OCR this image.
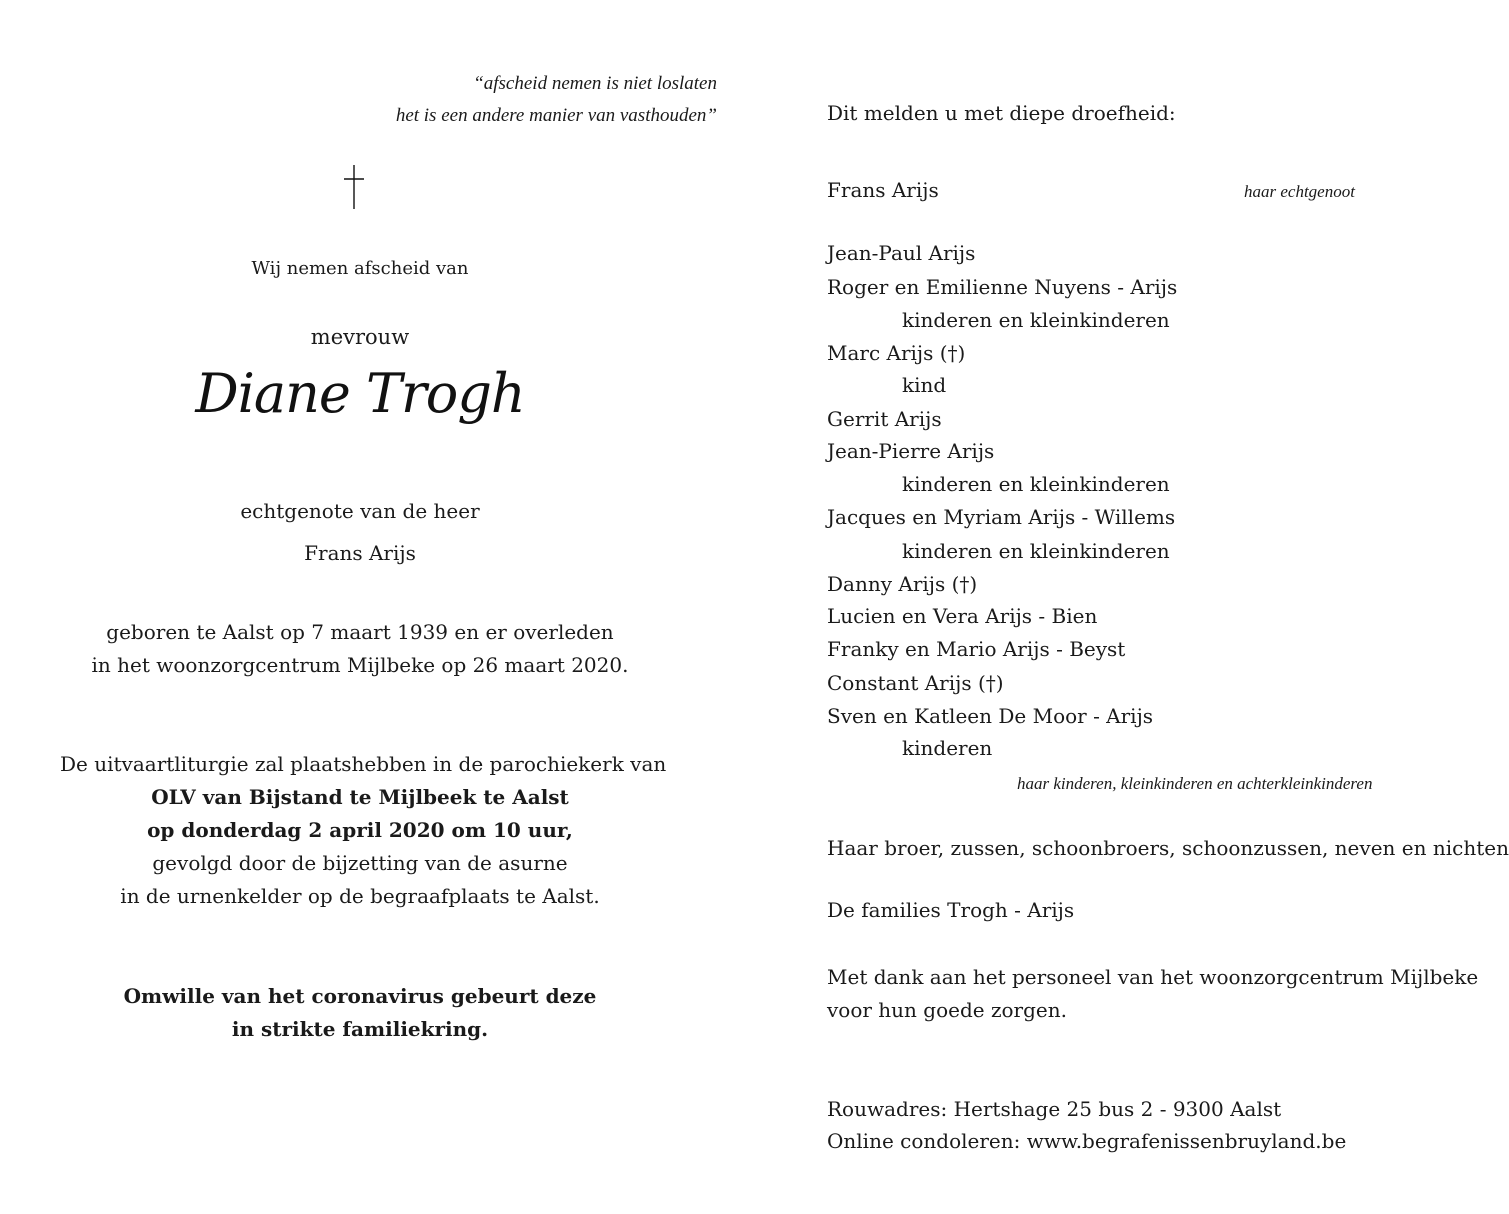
“afscheid nemen is niet loslaten
het is een andere manier van vasthouden”
Wij nemen afscheid van
mevrouw
Diane Trogh
echtgenote van de heer
Frans Arijs
geboren te Aalst op 7 maart 1939 en er overleden
in het woonzorgcentrum Mijlbeke op 26 maart 2020.
De uitvaartliturgie zal plaatshebben in de parochiekerk van
OLV van Bijstand te Mijlbeek te Aalst
op donderdag 2 april 2020 om 10 uur,
gevolgd door de bijzetting van de asurne
in de urnenkelder op de begraafplaats te Aalst.
Omwille van het coronavirus gebeurt deze
in strikte familiekring.
Dit melden u met diepe droefheid:
Frans Arijs	haar echtgenoot
Jean-Paul Arijs
Roger en Emilienne Nuyens - Arijs
kinderen en kleinkinderen
Marc Arijs (†)
kind
Gerrit Arijs
Jean-Pierre Arijs
kinderen en kleinkinderen
Jacques en Myriam Arijs - Willems
kinderen en kleinkinderen
Danny Arijs (†)
Lucien en Vera Arijs - Bien
Franky en Mario Arijs - Beyst
Constant Arijs (†)
Sven en Katleen De Moor - Arijs
kinderen
haar kinderen, kleinkinderen en achterkleinkinderen
Haar broer, zussen, schoonbroers, schoonzussen, neven en nichten
De families Trogh - Arijs
Met dank aan het personeel van het woonzorgcentrum Mijlbeke
voor hun goede zorgen.
Rouwadres: Hertshage 25 bus 2 - 9300 Aalst
Online condoleren: www.begrafenissenbruyland.be
